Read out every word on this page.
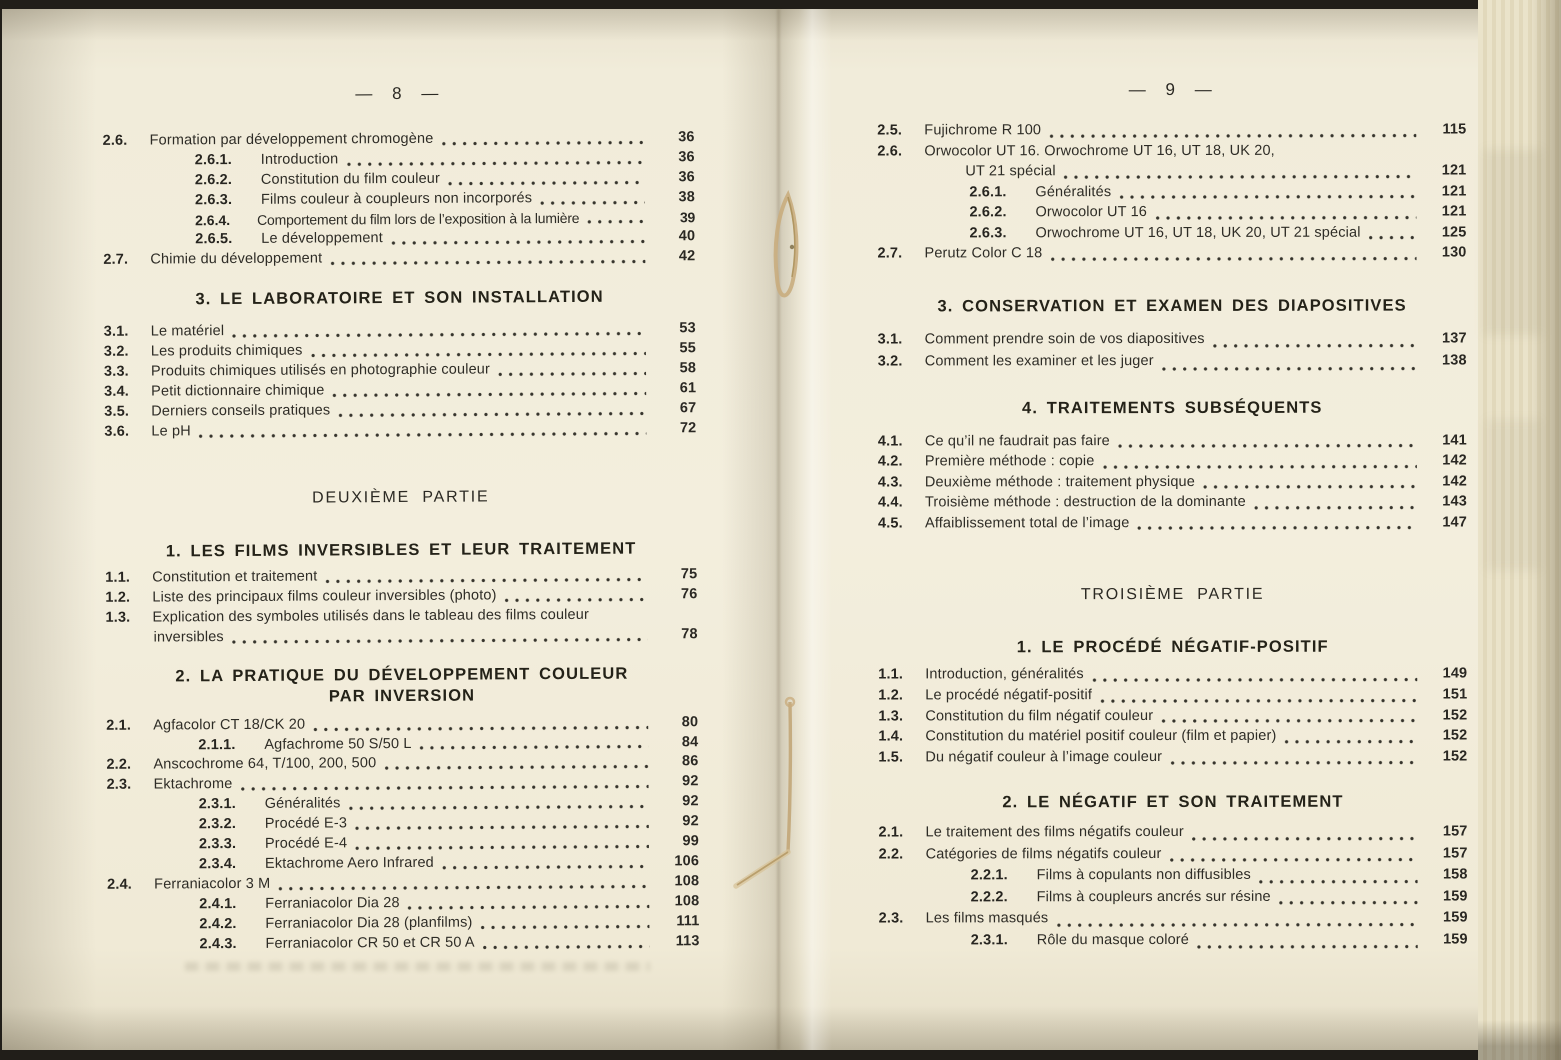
— 8 —
2.6.	Formation par développement chromogène	36
2.6.1.	Introduction	36
2.6.2.	Constitution du film couleur	36
2.6.3.	Films couleur à coupleurs non incorporés	38
2.6.4.	Comportement du film lors de l’exposition à la lumière	39
2.6.5.	Le développement	40
2.7.	Chimie du développement	42
3. LE LABORATOIRE ET SON INSTALLATION
3.1.	Le matériel	53
3.2.	Les produits chimiques	55
3.3.	Produits chimiques utilisés en photographie couleur	58
3.4.	Petit dictionnaire chimique	61
3.5.	Derniers conseils pratiques	67
3.6.	Le pH	72
DEUXIÈME PARTIE
1. LES FILMS INVERSIBLES ET LEUR TRAITEMENT
1.1.	Constitution et traitement	75
1.2.	Liste des principaux films couleur inversibles (photo)	76
1.3.	Explication des symboles utilisés dans le tableau des films couleur
inversibles	78
2. LA PRATIQUE DU DÉVELOPPEMENT COULEUR
PAR INVERSION
2.1.	Agfacolor CT 18/CK 20	80
2.1.1.	Agfachrome 50 S/50 L	84
2.2.	Anscochrome 64, T/100, 200, 500	86
2.3.	Ektachrome	92
2.3.1.	Généralités	92
2.3.2.	Procédé E-3	92
2.3.3.	Procédé E-4	99
2.3.4.	Ektachrome Aero Infrared	106
2.4.	Ferraniacolor 3 M	108
2.4.1.	Ferraniacolor Dia 28	108
2.4.2.	Ferraniacolor Dia 28 (planfilms)	111
2.4.3.	Ferraniacolor CR 50 et CR 50 A	113
— 9 —
2.5.	Fujichrome R 100	115
2.6.	Orwocolor UT 16. Orwochrome UT 16, UT 18, UK 20,
UT 21 spécial	121
2.6.1.	Généralités	121
2.6.2.	Orwocolor UT 16	121
2.6.3.	Orwochrome UT 16, UT 18, UK 20, UT 21 spécial	125
2.7.	Perutz Color C 18	130
3. CONSERVATION ET EXAMEN DES DIAPOSITIVES
3.1.	Comment prendre soin de vos diapositives	137
3.2.	Comment les examiner et les juger	138
4. TRAITEMENTS SUBSÉQUENTS
4.1.	Ce qu’il ne faudrait pas faire	141
4.2.	Première méthode : copie	142
4.3.	Deuxième méthode : traitement physique	142
4.4.	Troisième méthode : destruction de la dominante	143
4.5.	Affaiblissement total de l’image	147
TROISIÈME PARTIE
1. LE PROCÉDÉ NÉGATIF-POSITIF
1.1.	Introduction, généralités	149
1.2.	Le procédé négatif-positif	151
1.3.	Constitution du film négatif couleur	152
1.4.	Constitution du matériel positif couleur (film et papier)	152
1.5.	Du négatif couleur à l’image couleur	152
2. LE NÉGATIF ET SON TRAITEMENT
2.1.	Le traitement des films négatifs couleur	157
2.2.	Catégories de films négatifs couleur	157
2.2.1.	Films à copulants non diffusibles	158
2.2.2.	Films à coupleurs ancrés sur résine	159
2.3.	Les films masqués	159
2.3.1.	Rôle du masque coloré	159
